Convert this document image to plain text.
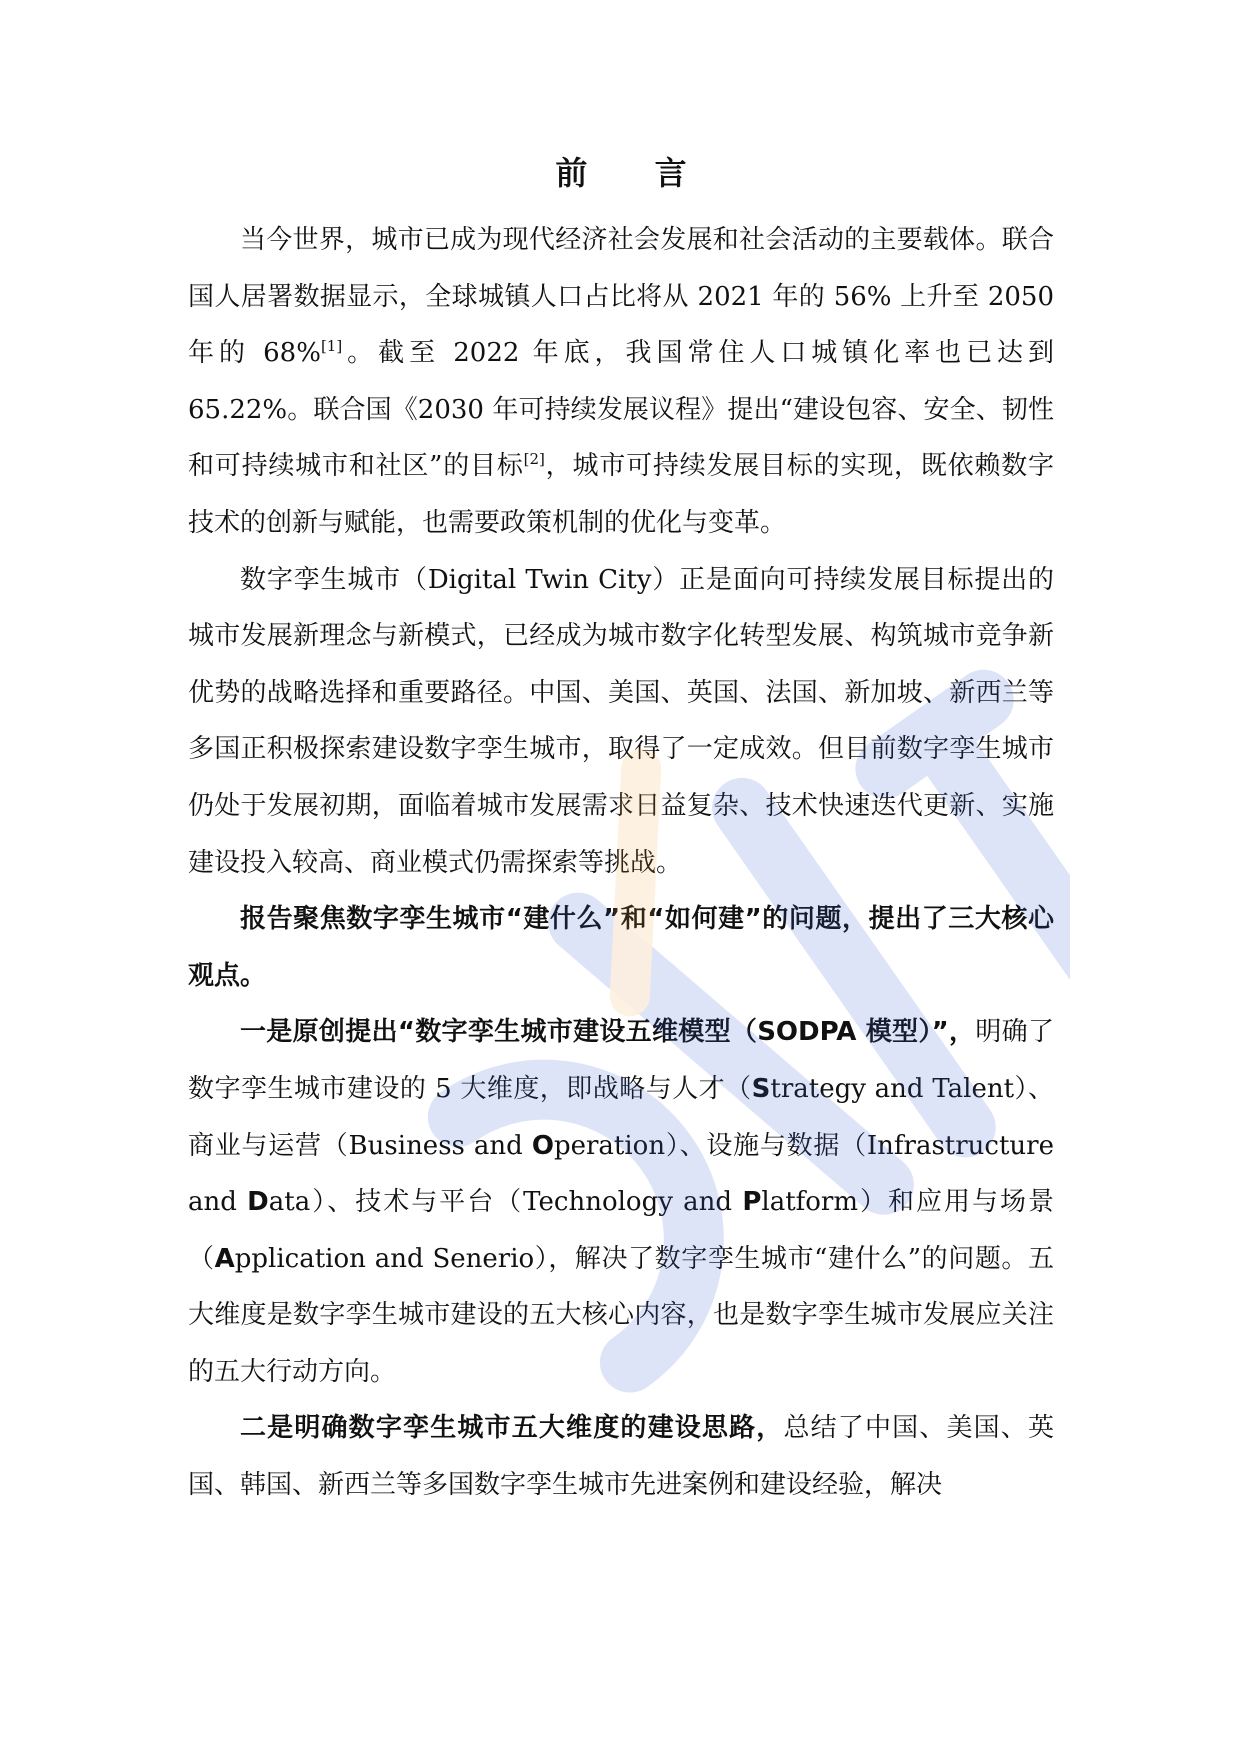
前 言

当今世界，城市已成为现代经济社会发展和社会活动的主要载体。联合国人居署数据显示，全球城镇人口占比将从 2021 年的 56% 上升至 2050 年的 68%[1]。截至 2022 年底，我国常住人口城镇化率也已达到 65.22%。联合国《2030 年可持续发展议程》提出“建设包容、安全、韧性和可持续城市和社区”的目标[2]，城市可持续发展目标的实现，既依赖数字技术的创新与赋能，也需要政策机制的优化与变革。

数字孪生城市（Digital Twin City）正是面向可持续发展目标提出的城市发展新理念与新模式，已经成为城市数字化转型发展、构筑城市竞争新优势的战略选择和重要路径。中国、美国、英国、法国、新加坡、新西兰等多国正积极探索建设数字孪生城市，取得了一定成效。但目前数字孪生城市仍处于发展初期，面临着城市发展需求日益复杂、技术快速迭代更新、实施建设投入较高、商业模式仍需探索等挑战。

报告聚焦数字孪生城市“建什么”和“如何建”的问题，提出了三大核心观点。

一是原创提出“数字孪生城市建设五维模型（SODPA 模型）”，明确了数字孪生城市建设的 5 大维度，即战略与人才（Strategy and Talent）、商业与运营（Business and Operation）、设施与数据（Infrastructure and Data）、技术与平台（Technology and Platform）和应用与场景（Application and Senerio），解决了数字孪生城市“建什么”的问题。五大维度是数字孪生城市建设的五大核心内容，也是数字孪生城市发展应关注的五大行动方向。

二是明确数字孪生城市五大维度的建设思路，总结了中国、美国、英国、韩国、新西兰等多国数字孪生城市先进案例和建设经验，解决
